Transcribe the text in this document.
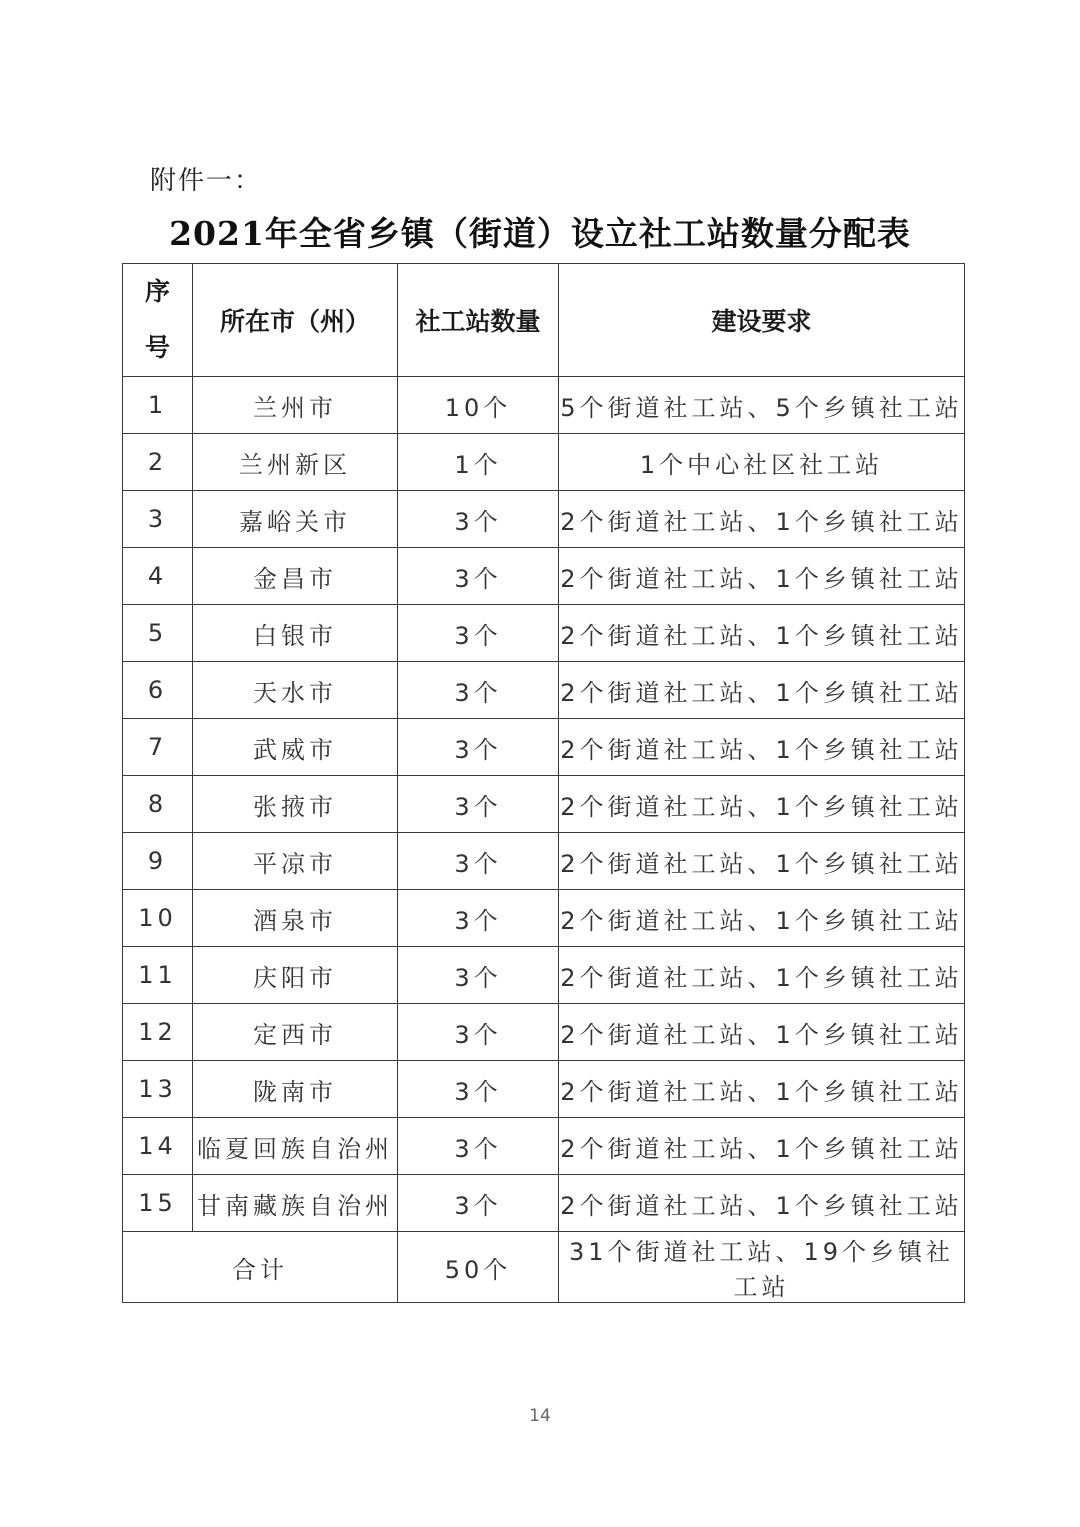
附件一：
2021年全省乡镇（街道）设立社工站数量分配表
序号	所在市（州）	社工站数量	建设要求
1	兰州市	10个	5个街道社工站、5个乡镇社工站
2	兰州新区	1个	1个中心社区社工站
3	嘉峪关市	3个	2个街道社工站、1个乡镇社工站
4	金昌市	3个	2个街道社工站、1个乡镇社工站
5	白银市	3个	2个街道社工站、1个乡镇社工站
6	天水市	3个	2个街道社工站、1个乡镇社工站
7	武威市	3个	2个街道社工站、1个乡镇社工站
8	张掖市	3个	2个街道社工站、1个乡镇社工站
9	平凉市	3个	2个街道社工站、1个乡镇社工站
10	酒泉市	3个	2个街道社工站、1个乡镇社工站
11	庆阳市	3个	2个街道社工站、1个乡镇社工站
12	定西市	3个	2个街道社工站、1个乡镇社工站
13	陇南市	3个	2个街道社工站、1个乡镇社工站
14	临夏回族自治州	3个	2个街道社工站、1个乡镇社工站
15	甘南藏族自治州	3个	2个街道社工站、1个乡镇社工站
合计		50个	31个街道社工站、19个乡镇社工站
14
